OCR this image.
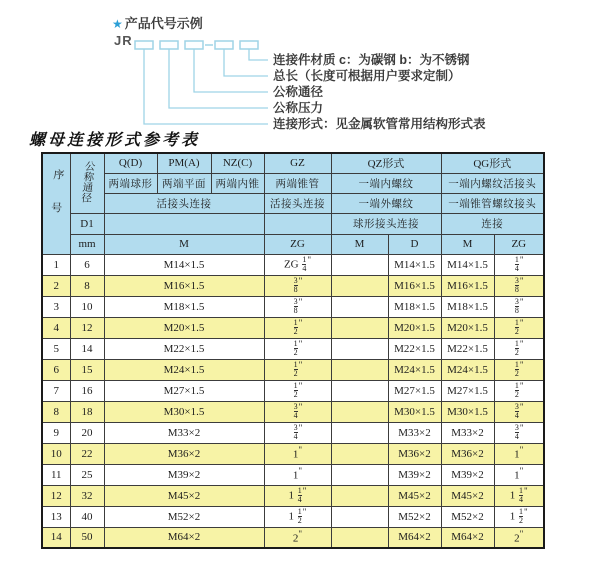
★ 产品代号示例
JR
连接件材质 c：为碳钢 b：为不锈钢
总长（长度可根据用户要求定制）
公称通径
公称压力
连接形式：见金属软管常用结构形式表
螺母连接形式参考表
序号	公称通径	Q(D)	PM(A)	NZ(C)	GZ	QZ形式		QG形式	
		两端球形	两端平面	两端内锥	两端锥管	一端内螺纹		一端内螺纹活接头	
		活接头连接			活接头连接	一端外螺纹		一端锥管螺纹接头	
	D1					球形接头连接		连接	
	mm	M			ZG	M	D	M	ZG
1	6	M14×1.5			ZG $\frac{1}{4} ^"$		M14×1.5	M14×1.5	$\frac{1}{4} ^"$
2	8	M16×1.5			$\frac{3}{8} ^"$		M16×1.5	M16×1.5	$\frac{3}{8} ^"$
3	10	M18×1.5			$\frac{3}{8} ^"$		M18×1.5	M18×1.5	$\frac{3}{8} ^"$
4	12	M20×1.5			$\frac{1}{2} ^"$		M20×1.5	M20×1.5	$\frac{1}{2} ^"$
5	14	M22×1.5			$\frac{1}{2} ^"$		M22×1.5	M22×1.5	$\frac{1}{2} ^"$
6	15	M24×1.5			$\frac{1}{2} ^"$		M24×1.5	M24×1.5	$\frac{1}{2} ^"$
7	16	M27×1.5			$\frac{1}{2} ^"$		M27×1.5	M27×1.5	$\frac{1}{2} ^"$
8	18	M30×1.5			$\frac{3}{4} ^"$		M30×1.5	M30×1.5	$\frac{3}{4} ^"$
9	20	M33×2			$\frac{3}{4} ^"$		M33×2	M33×2	$\frac{3}{4} ^"$
10	22	M36×2			1"		M36×2	M36×2	1"
11	25	M39×2			1"		M39×2	M39×2	1"
12	32	M45×2			$1 \frac{1}{4} ^"$		M45×2	M45×2	$1 \frac{1}{4} ^"$
13	40	M52×2			$1 \frac{1}{2} ^"$		M52×2	M52×2	$1 \frac{1}{2} ^"$
14	50	M64×2			2"		M64×2	M64×2	2"
